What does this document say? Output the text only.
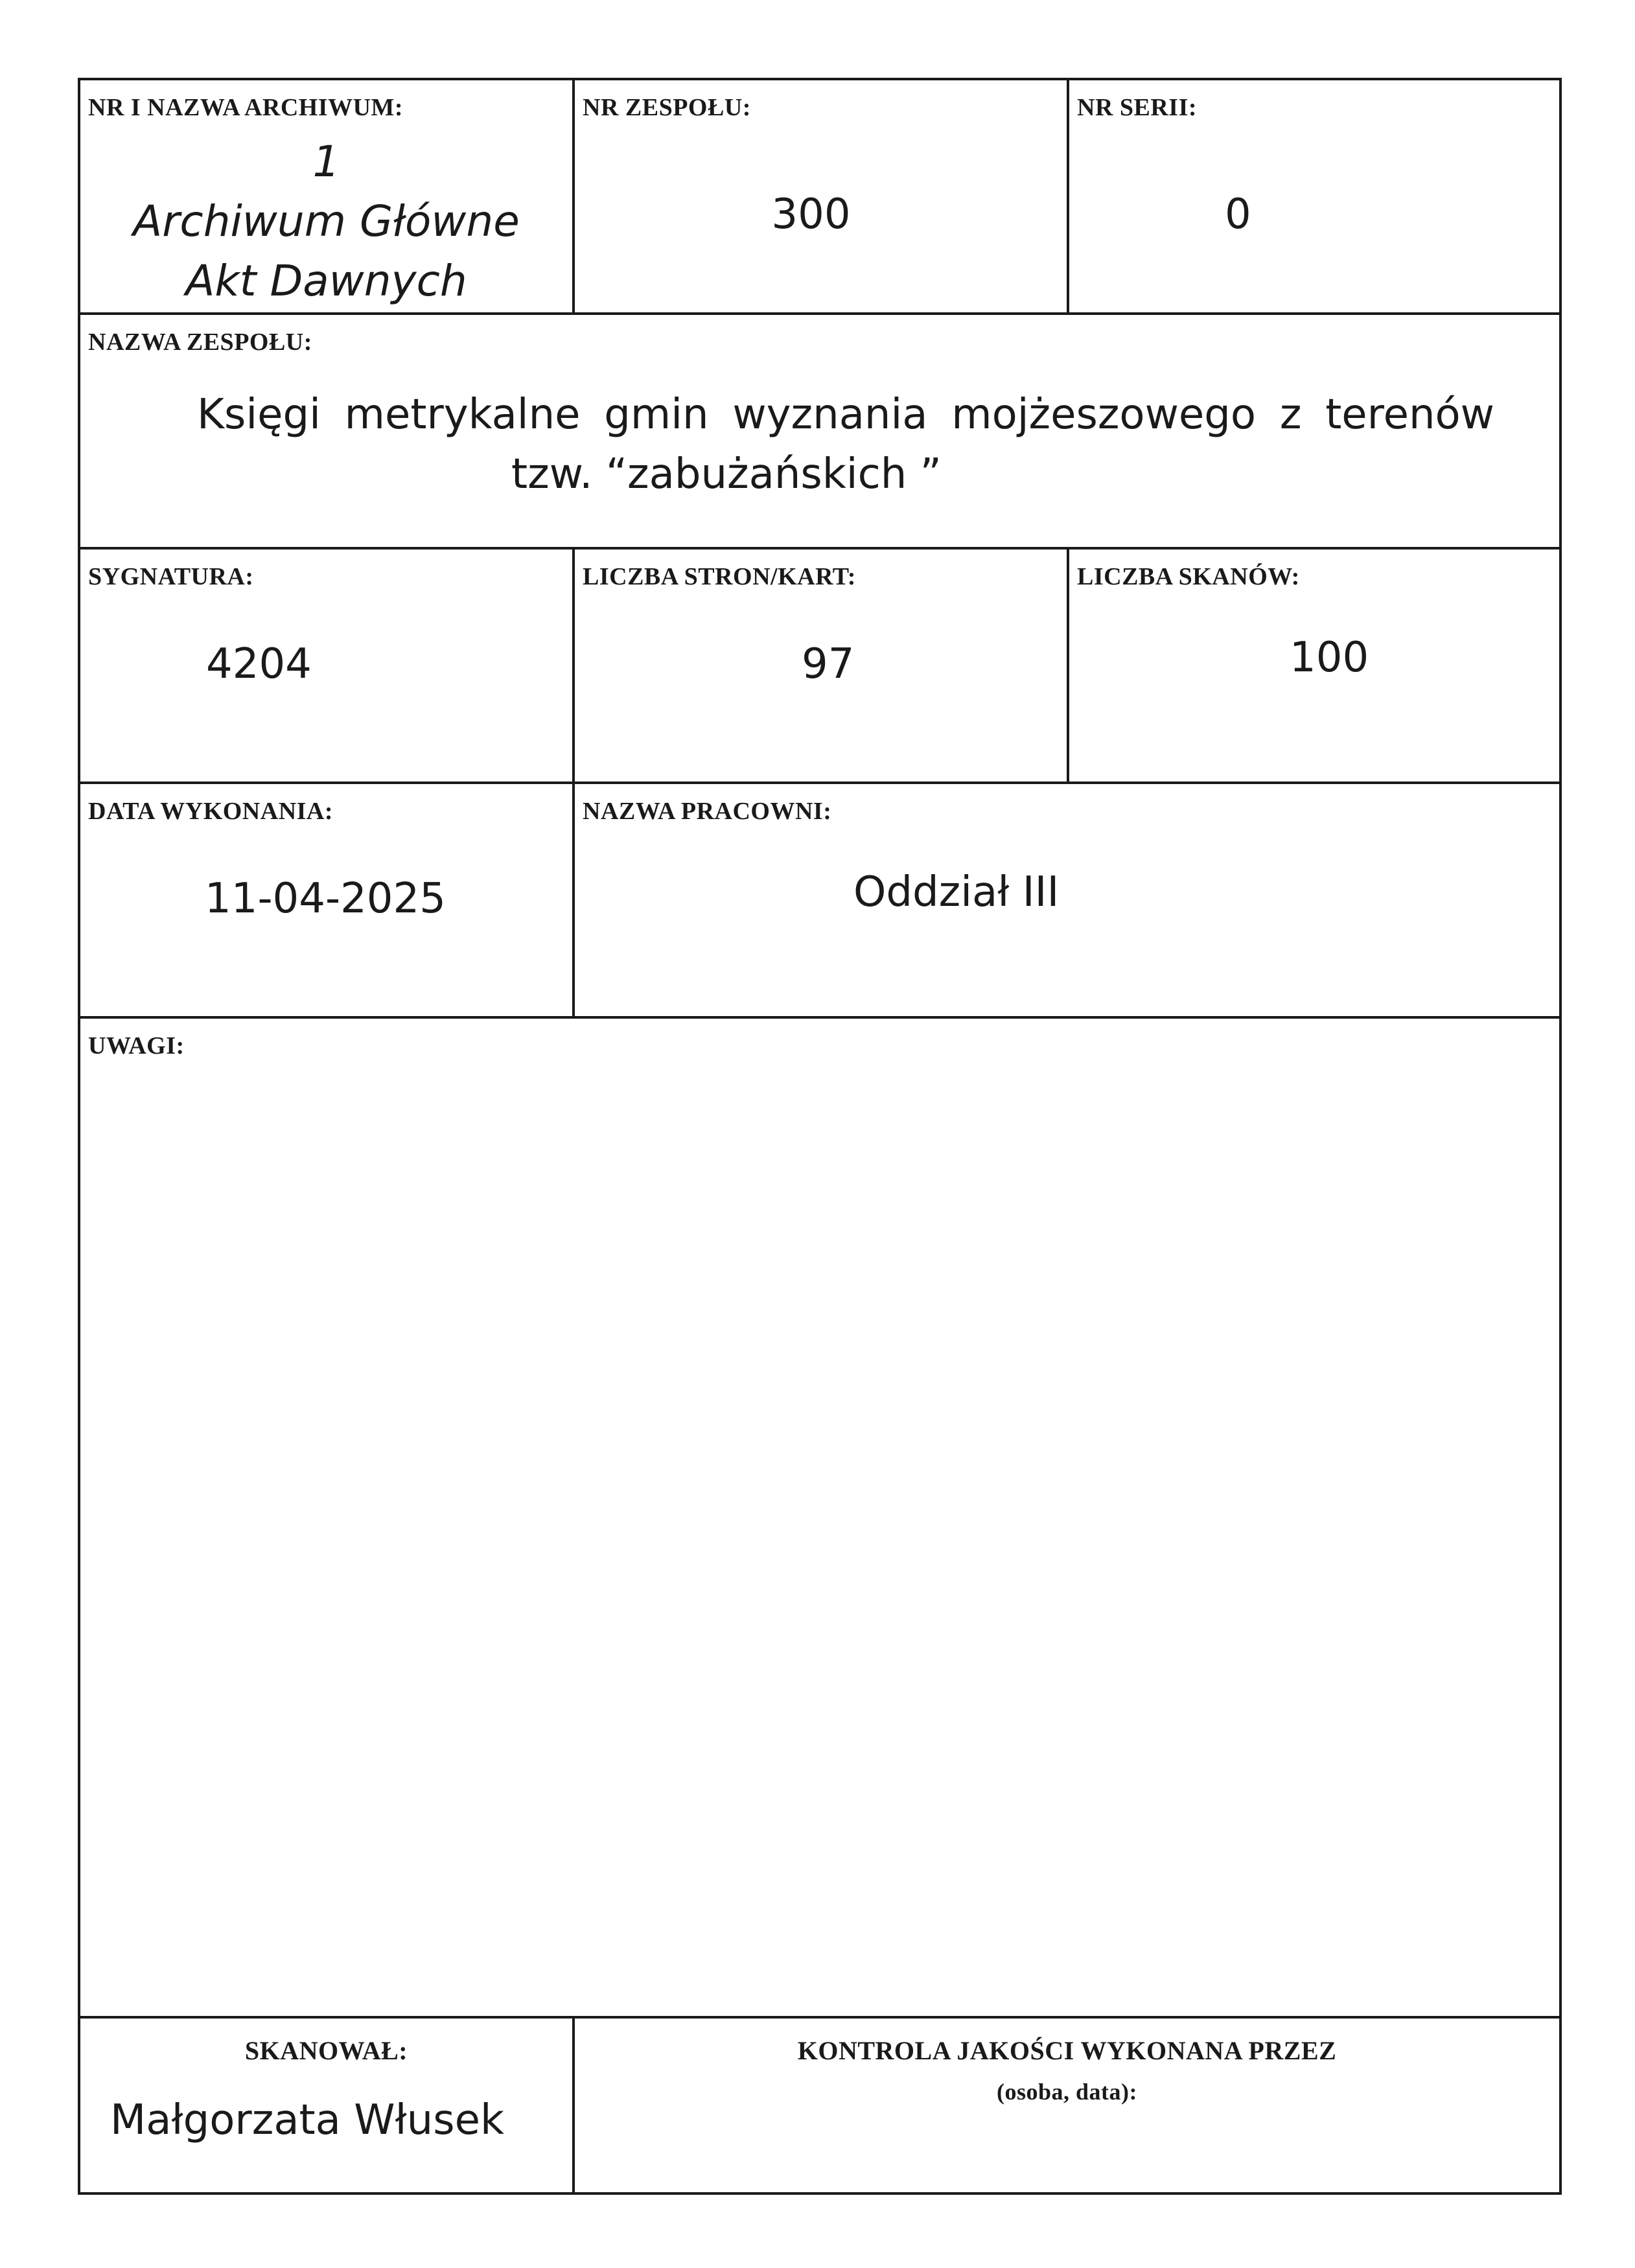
NR I NAZWA ARCHIWUM:
1
Archiwum Główne
Akt Dawnych
NR ZESPOŁU:
300
NR SERII:
0
NAZWA ZESPOŁU:
Księgi metrykalne gmin wyznania mojżeszowego z terenów
tzw. “zabużańskich ”
SYGNATURA:
4204
LICZBA STRON/KART:
97
LICZBA SKANÓW:
100
DATA WYKONANIA:
11-04-2025
NAZWA PRACOWNI:
Oddział III
UWAGI:
SKANOWAŁ:
Małgorzata Włusek
KONTROLA JAKOŚCI WYKONANA PRZEZ
(osoba, data):
